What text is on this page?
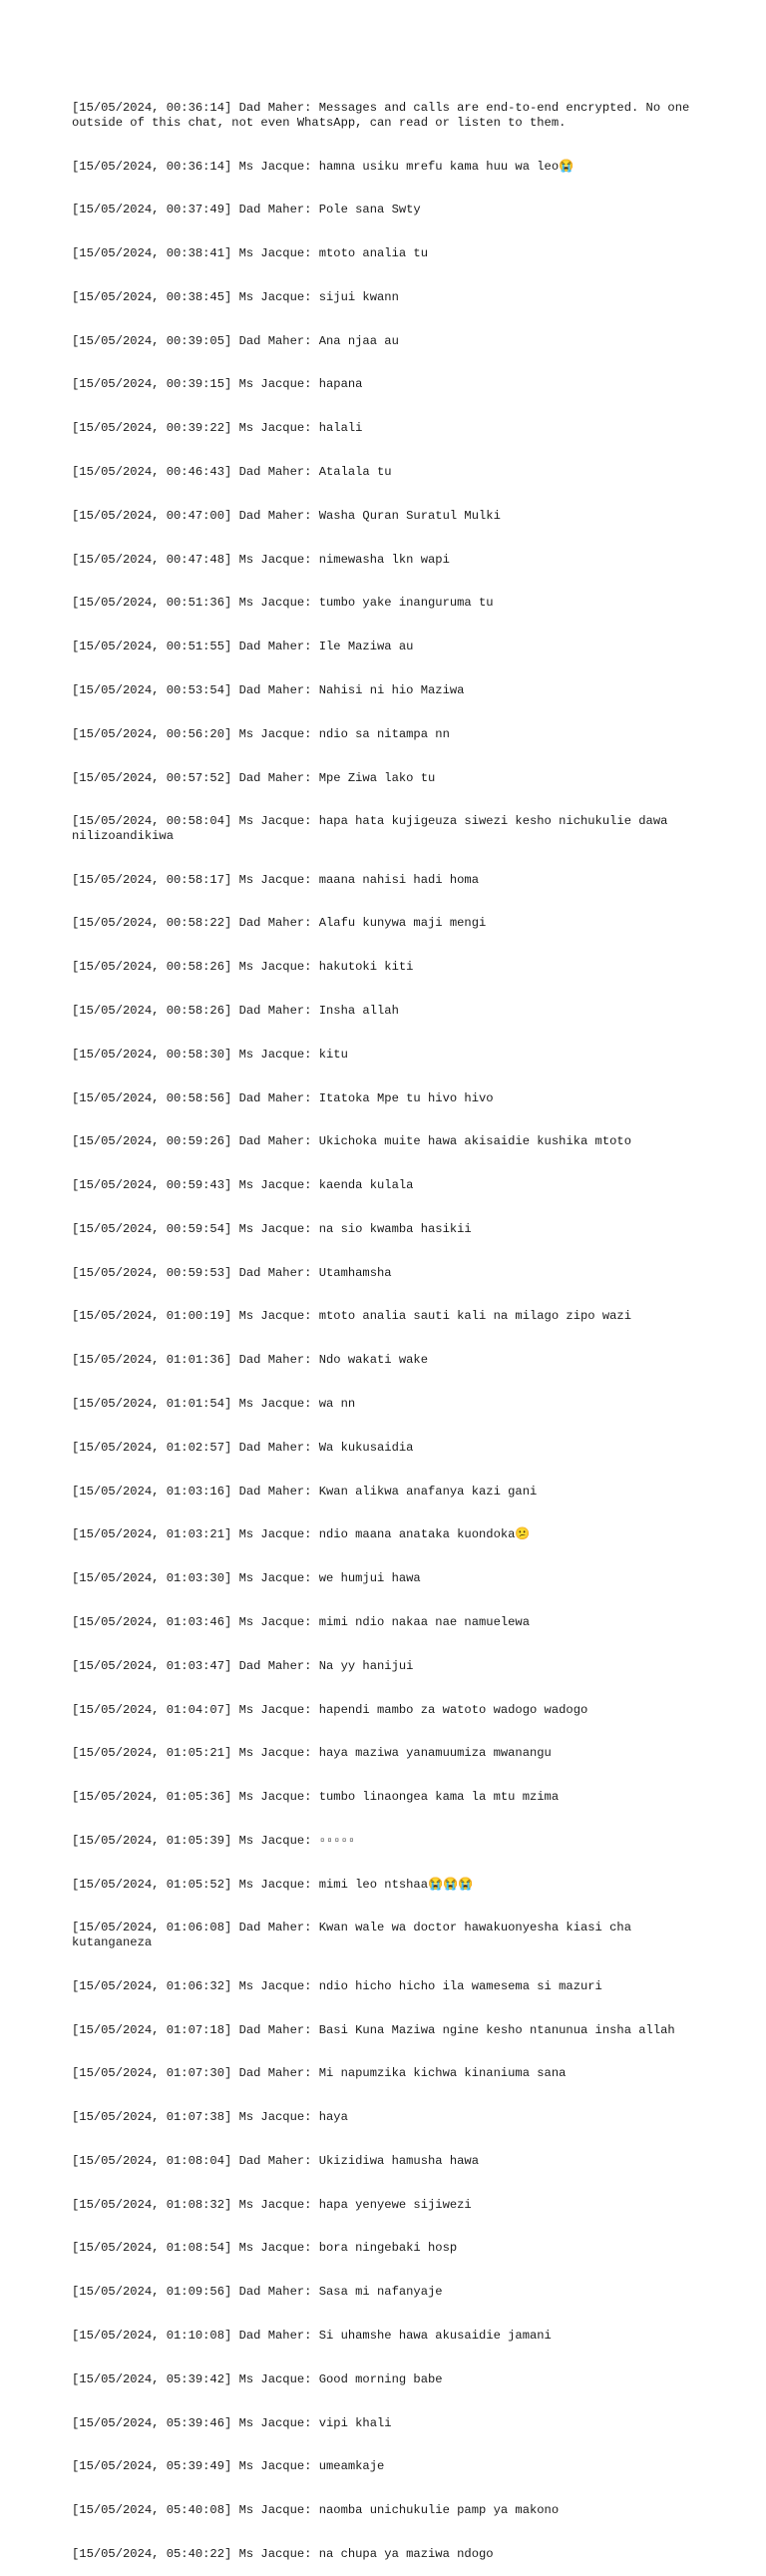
[15/05/2024, 00:36:14] Dad Maher: Messages and calls are end-to-end encrypted. No one outside of this chat, not even WhatsApp, can read or listen to them.

[15/05/2024, 00:36:14] Ms Jacque: hamna usiku mrefu kama huu wa leo😭

[15/05/2024, 00:37:49] Dad Maher: Pole sana Swty

[15/05/2024, 00:38:41] Ms Jacque: mtoto analia tu

[15/05/2024, 00:38:45] Ms Jacque: sijui kwann

[15/05/2024, 00:39:05] Dad Maher: Ana njaa au

[15/05/2024, 00:39:15] Ms Jacque: hapana

[15/05/2024, 00:39:22] Ms Jacque: halali

[15/05/2024, 00:46:43] Dad Maher: Atalala tu

[15/05/2024, 00:47:00] Dad Maher: Washa Quran Suratul Mulki

[15/05/2024, 00:47:48] Ms Jacque: nimewasha lkn wapi

[15/05/2024, 00:51:36] Ms Jacque: tumbo yake inanguruma tu

[15/05/2024, 00:51:55] Dad Maher: Ile Maziwa au

[15/05/2024, 00:53:54] Dad Maher: Nahisi ni hio Maziwa

[15/05/2024, 00:56:20] Ms Jacque: ndio sa nitampa nn

[15/05/2024, 00:57:52] Dad Maher: Mpe Ziwa lako tu

[15/05/2024, 00:58:04] Ms Jacque: hapa hata kujigeuza siwezi kesho nichukulie dawa nilizoandikiwa

[15/05/2024, 00:58:17] Ms Jacque: maana nahisi hadi homa

[15/05/2024, 00:58:22] Dad Maher: Alafu kunywa maji mengi

[15/05/2024, 00:58:26] Ms Jacque: hakutoki kiti

[15/05/2024, 00:58:26] Dad Maher: Insha allah

[15/05/2024, 00:58:30] Ms Jacque: kitu

[15/05/2024, 00:58:56] Dad Maher: Itatoka Mpe tu hivo hivo

[15/05/2024, 00:59:26] Dad Maher: Ukichoka muite hawa akisaidie kushika mtoto

[15/05/2024, 00:59:43] Ms Jacque: kaenda kulala

[15/05/2024, 00:59:54] Ms Jacque: na sio kwamba hasikii

[15/05/2024, 00:59:53] Dad Maher: Utamhamsha

[15/05/2024, 01:00:19] Ms Jacque: mtoto analia sauti kali na milago zipo wazi

[15/05/2024, 01:01:36] Dad Maher: Ndo wakati wake

[15/05/2024, 01:01:54] Ms Jacque: wa nn

[15/05/2024, 01:02:57] Dad Maher: Wa kukusaidia

[15/05/2024, 01:03:16] Dad Maher: Kwan alikwa anafanya kazi gani

[15/05/2024, 01:03:21] Ms Jacque: ndio maana anataka kuondoka😕

[15/05/2024, 01:03:30] Ms Jacque: we humjui hawa

[15/05/2024, 01:03:46] Ms Jacque: mimi ndio nakaa nae namuelewa

[15/05/2024, 01:03:47] Dad Maher: Na yy hanijui

[15/05/2024, 01:04:07] Ms Jacque: hapendi mambo za watoto wadogo wadogo

[15/05/2024, 01:05:21] Ms Jacque: haya maziwa yanamuumiza mwanangu

[15/05/2024, 01:05:36] Ms Jacque: tumbo linaongea kama la mtu mzima

[15/05/2024, 01:05:39] Ms Jacque: ▫▫▫▫▫

[15/05/2024, 01:05:52] Ms Jacque: mimi leo ntshaa😭😭😭

[15/05/2024, 01:06:08] Dad Maher: Kwan wale wa doctor hawakuonyesha kiasi cha kutanganeza

[15/05/2024, 01:06:32] Ms Jacque: ndio hicho hicho ila wamesema si mazuri

[15/05/2024, 01:07:18] Dad Maher: Basi Kuna Maziwa ngine kesho ntanunua insha allah

[15/05/2024, 01:07:30] Dad Maher: Mi napumzika kichwa kinaniuma sana

[15/05/2024, 01:07:38] Ms Jacque: haya

[15/05/2024, 01:08:04] Dad Maher: Ukizidiwa hamusha hawa

[15/05/2024, 01:08:32] Ms Jacque: hapa yenyewe sijiwezi

[15/05/2024, 01:08:54] Ms Jacque: bora ningebaki hosp

[15/05/2024, 01:09:56] Dad Maher: Sasa mi nafanyaje

[15/05/2024, 01:10:08] Dad Maher: Si uhamshe hawa akusaidie jamani

[15/05/2024, 05:39:42] Ms Jacque: Good morning babe

[15/05/2024, 05:39:46] Ms Jacque: vipi khali

[15/05/2024, 05:39:49] Ms Jacque: umeamkaje

[15/05/2024, 05:40:08] Ms Jacque: naomba unichukulie pamp ya makono

[15/05/2024, 05:40:22] Ms Jacque: na chupa ya maziwa ndogo
